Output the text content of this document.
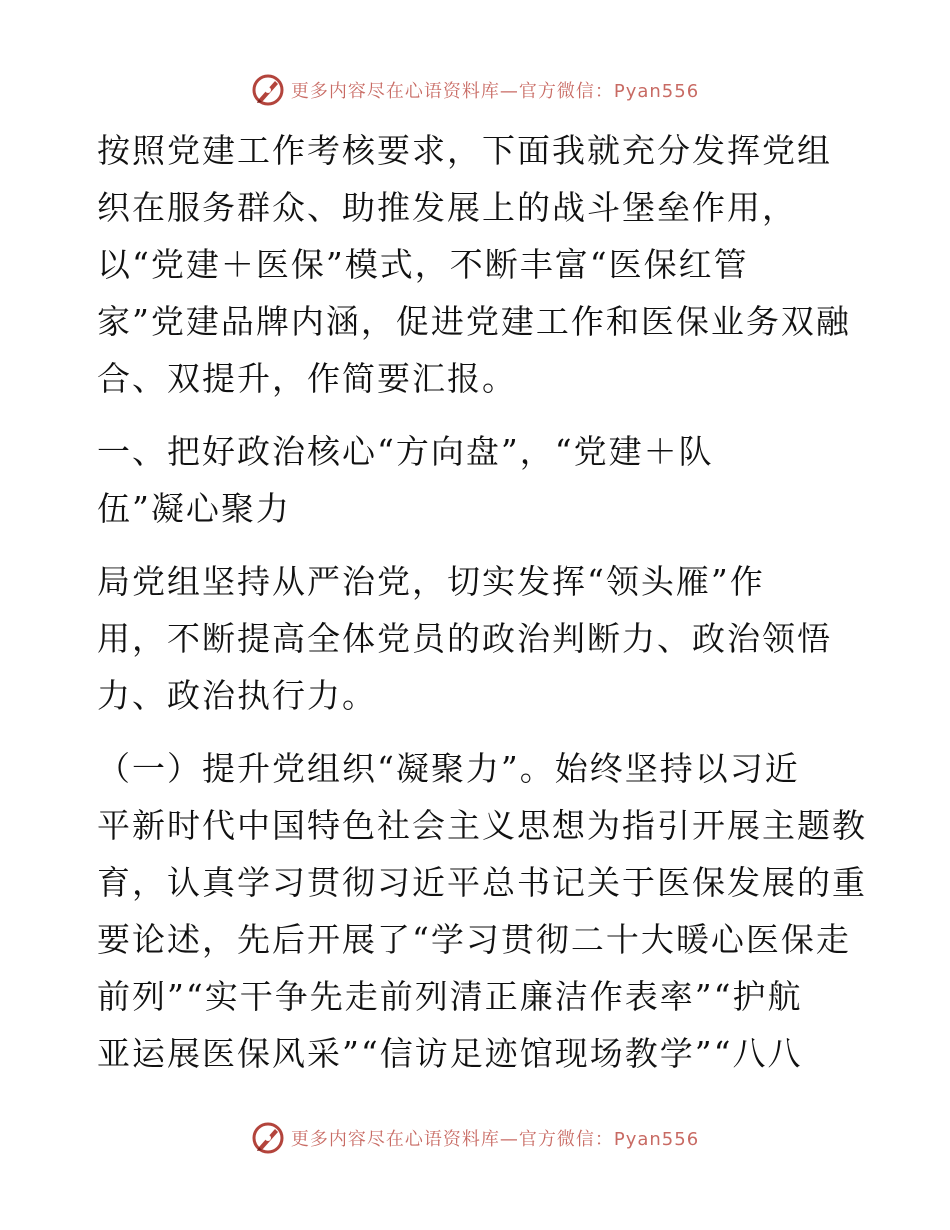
更多内容尽在心语资料库—官方微信：Pyan556

按照党建工作考核要求，下面我就充分发挥党组
织在服务群众、助推发展上的战斗堡垒作用，
以“党建＋医保”模式，不断丰富“医保红管
家”党建品牌内涵，促进党建工作和医保业务双融
合、双提升，作简要汇报。

一、把好政治核心“方向盘”，“党建＋队
伍”凝心聚力

局党组坚持从严治党，切实发挥“领头雁”作
用，不断提高全体党员的政治判断力、政治领悟
力、政治执行力。

（一）提升党组织“凝聚力”。始终坚持以习近
平新时代中国特色社会主义思想为指引开展主题教
育，认真学习贯彻习近平总书记关于医保发展的重
要论述，先后开展了“学习贯彻二十大暖心医保走
前列”“实干争先走前列清正廉洁作表率”“护航
亚运展医保风采”“信访足迹馆现场教学”“八八

更多内容尽在心语资料库—官方微信：Pyan556
